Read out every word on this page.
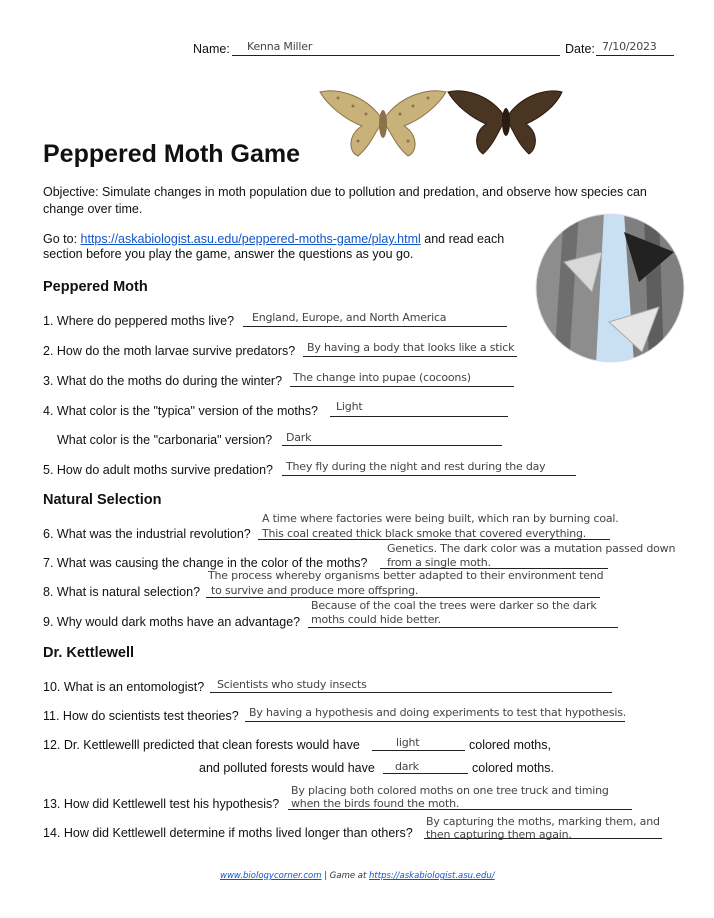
Name: Kenna Miller	Date: 7/10/2023
Peppered Moth Game
Objective: Simulate changes in moth population due to pollution and predation, and observe how species can change over time.
Go to: https://askabiologist.asu.edu/peppered-moths-game/play.html and read each
section before you play the game, answer the questions as you go.
Peppered Moth
1. Where do peppered moths live? England, Europe, and North America
2. How do the moth larvae survive predators? By having a body that looks like a stick
3. What do the moths do during the winter? The change into pupae (cocoons)
4. What color is the "typica" version of the moths? Light
What color is the "carbonaria" version? Dark
5. How do adult moths survive predation? They fly during the night and rest during the day
Natural Selection
A time where factories were being built, which ran by burning coal.
6. What was the industrial revolution? This coal created thick black smoke that covered everything.
Genetics. The dark color was a mutation passed down
7. What was causing the change in the color of the moths? from a single moth.
The process whereby organisms better adapted to their environment tend
8. What is natural selection? to survive and produce more offspring.
Because of the coal the trees were darker so the dark
9. Why would dark moths have an advantage? moths could hide better.
Dr. Kettlewell
10. What is an entomologist? Scientists who study insects
11. How do scientists test theories? By having a hypothesis and doing experiments to test that hypothesis.
12. Dr. Kettlewelll predicted that clean forests would have	light	colored moths,
and polluted forests would have dark	colored moths.
By placing both colored moths on one tree truck and timing
13. How did Kettlewell test his hypothesis? when the birds found the moth.
By capturing the moths, marking them, and
14. How did Kettlewell determine if moths lived longer than others? then capturing them again.
www.biologycorner.com | Game at https://askabiologist.asu.edu/
